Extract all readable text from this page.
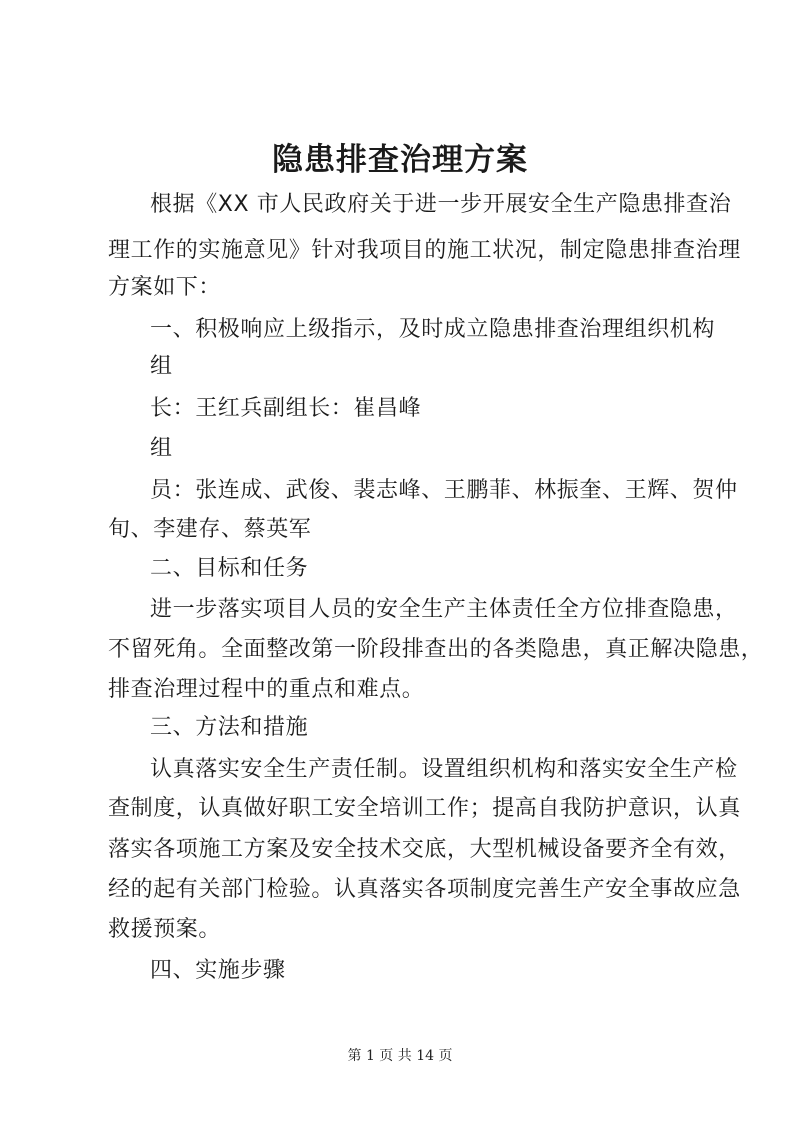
隐患排查治理方案
根据《XX 市人民政府关于进一步开展安全生产隐患排查治
理工作的实施意见》针对我项目的施工状况，制定隐患排查治理
方案如下：
一、积极响应上级指示，及时成立隐患排查治理组织机构
组
长：王红兵副组长：崔昌峰
组
员：张连成、武俊、裴志峰、王鹏菲、林振奎、王辉、贺仲
旬、李建存、蔡英军
二、目标和任务
进一步落实项目人员的安全生产主体责任全方位排查隐患，
不留死角。全面整改第一阶段排查出的各类隐患，真正解决隐患，
排查治理过程中的重点和难点。
三、方法和措施
认真落实安全生产责任制。设置组织机构和落实安全生产检
查制度，认真做好职工安全培训工作；提高自我防护意识，认真
落实各项施工方案及安全技术交底，大型机械设备要齐全有效，
经的起有关部门检验。认真落实各项制度完善生产安全事故应急
救援预案。
四、实施步骤
第 1 页 共 14 页
